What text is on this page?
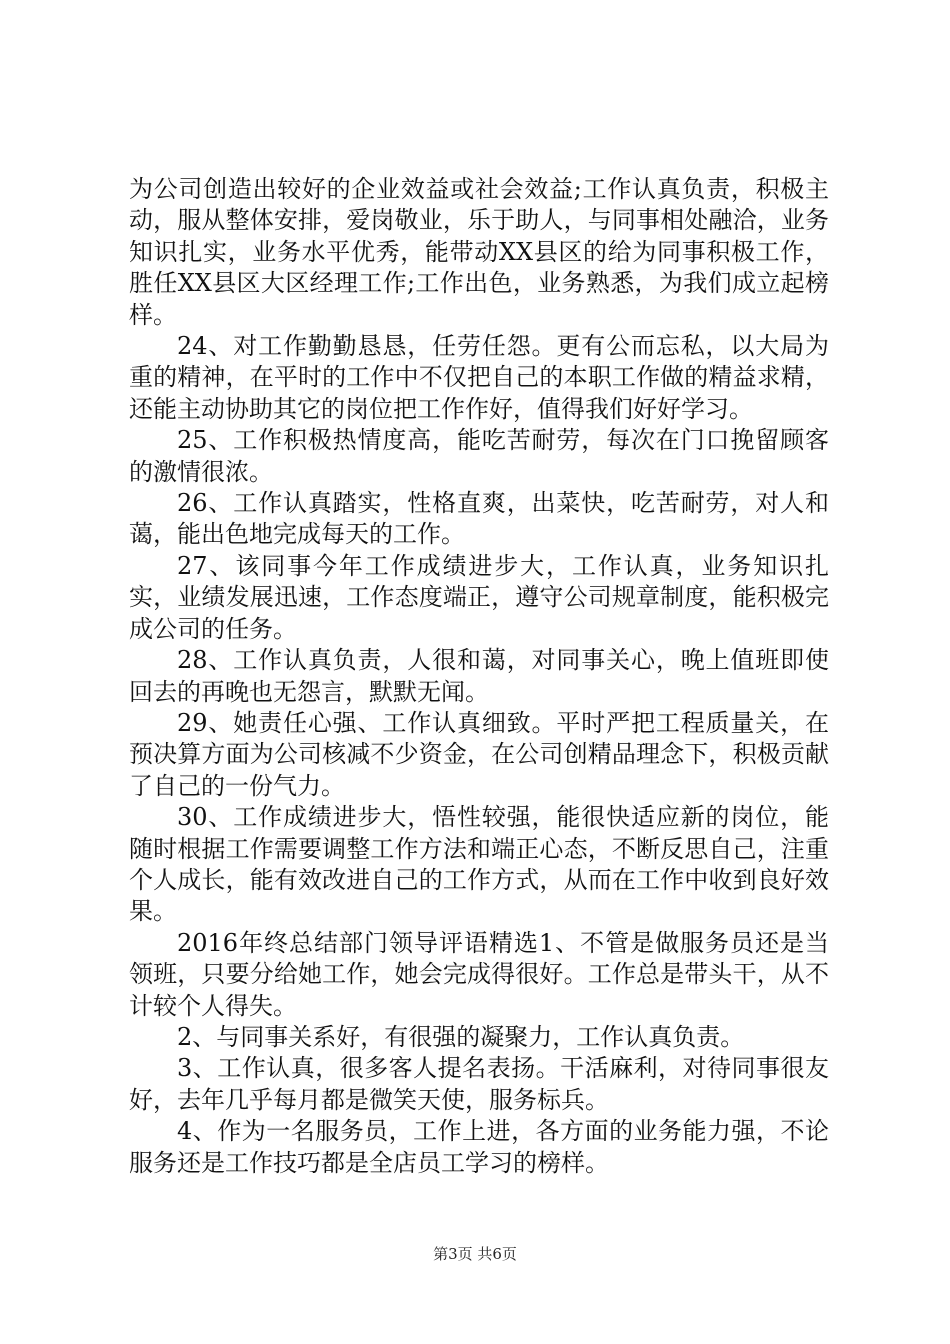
为公司创造出较好的企业效益或社会效益;工作认真负责，积极主动，服从整体安排，爱岗敬业，乐于助人，与同事相处融洽，业务知识扎实，业务水平优秀，能带动XX县区的给为同事积极工作，胜任XX县区大区经理工作;工作出色，业务熟悉，为我们成立起榜样。

24、对工作勤勤恳恳，任劳任怨。更有公而忘私，以大局为重的精神，在平时的工作中不仅把自己的本职工作做的精益求精，还能主动协助其它的岗位把工作作好，值得我们好好学习。

25、工作积极热情度高，能吃苦耐劳，每次在门口挽留顾客的激情很浓。

26、工作认真踏实，性格直爽，出菜快，吃苦耐劳，对人和蔼，能出色地完成每天的工作。

27、该同事今年工作成绩进步大，工作认真，业务知识扎实，业绩发展迅速，工作态度端正，遵守公司规章制度，能积极完成公司的任务。

28、工作认真负责，人很和蔼，对同事关心，晚上值班即使回去的再晚也无怨言，默默无闻。

29、她责任心强、工作认真细致。平时严把工程质量关，在预决算方面为公司核减不少资金，在公司创精品理念下，积极贡献了自己的一份气力。

30、工作成绩进步大，悟性较强，能很快适应新的岗位，能随时根据工作需要调整工作方法和端正心态，不断反思自己，注重个人成长，能有效改进自己的工作方式，从而在工作中收到良好效果。

2016年终总结部门领导评语精选1、不管是做服务员还是当领班，只要分给她工作，她会完成得很好。工作总是带头干，从不计较个人得失。

2、与同事关系好，有很强的凝聚力，工作认真负责。

3、工作认真，很多客人提名表扬。干活麻利，对待同事很友好，去年几乎每月都是微笑天使，服务标兵。

4、作为一名服务员，工作上进，各方面的业务能力强，不论服务还是工作技巧都是全店员工学习的榜样。

第3页 共6页
